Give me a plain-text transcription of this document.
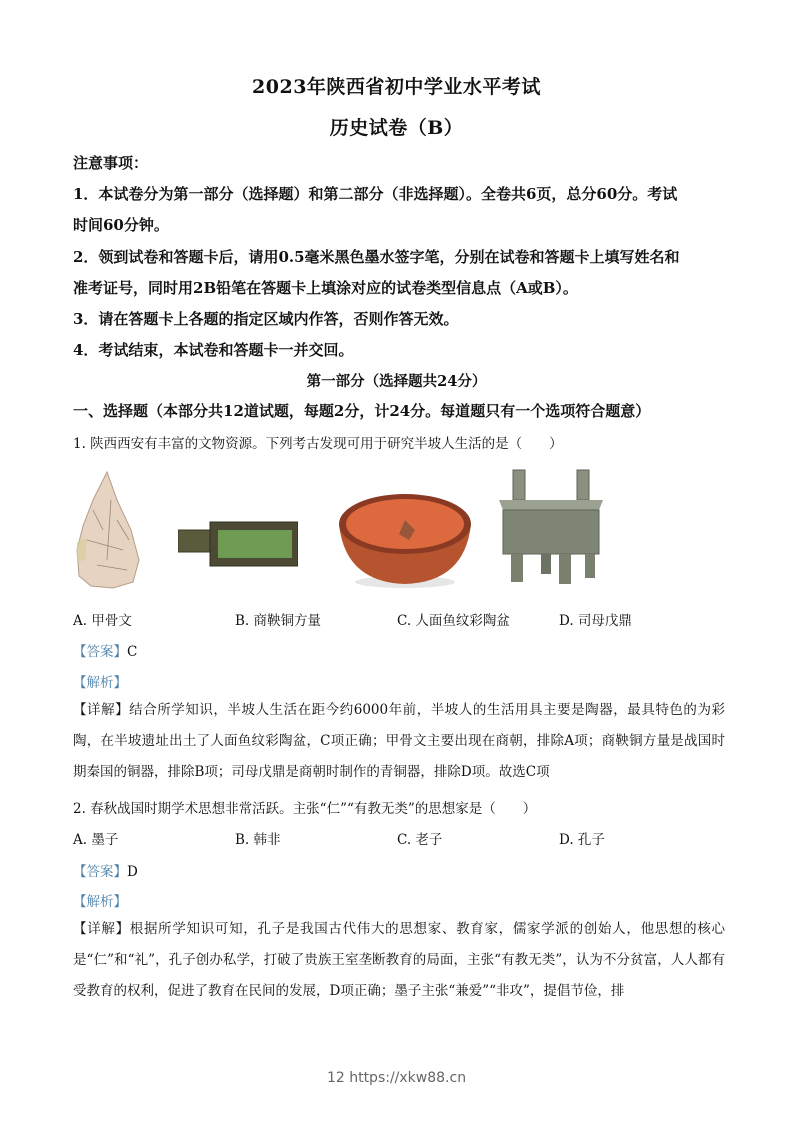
2023年陕西省初中学业水平考试
历史试卷（B）
注意事项：
1．本试卷分为第一部分（选择题）和第二部分（非选择题）。全卷共6页，总分60分。考试
时间60分钟。
2．领到试卷和答题卡后，请用0.5毫米黑色墨水签字笔，分别在试卷和答题卡上填写姓名和
准考证号，同时用2B铅笔在答题卡上填涂对应的试卷类型信息点（A或B）。
3．请在答题卡上各题的指定区域内作答，否则作答无效。
4．考试结束，本试卷和答题卡一并交回。
第一部分（选择题共24分）
一、选择题（本部分共12道试题，每题2分，计24分。每道题只有一个选项符合题意）
1. 陕西西安有丰富的文物资源。下列考古发现可用于研究半坡人生活的是（　　）
A. 甲骨文	B. 商鞅铜方量	C. 人面鱼纹彩陶盆	D. 司母戊鼎
【答案】C
【解析】
【详解】结合所学知识，半坡人生活在距今约6000年前，半坡人的生活用具主要是陶器，最具特色的为彩陶，在半坡遗址出土了人面鱼纹彩陶盆，C项正确；甲骨文主要出现在商朝，排除A项；商鞅铜方量是战国时期秦国的铜器，排除B项；司母戊鼎是商朝时制作的青铜器，排除D项。故选C项
2. 春秋战国时期学术思想非常活跃。主张“仁”“有教无类”的思想家是（　　）
A. 墨子	B. 韩非	C. 老子	D. 孔子
【答案】D
【解析】
【详解】根据所学知识可知，孔子是我国古代伟大的思想家、教育家，儒家学派的创始人，他思想的核心是“仁”和“礼”，孔子创办私学，打破了贵族王室垄断教育的局面，主张“有教无类”，认为不分贫富，人人都有受教育的权利，促进了教育在民间的发展，D项正确；墨子主张“兼爱”“非攻”，提倡节俭，排
12 https://xkw88.cn
